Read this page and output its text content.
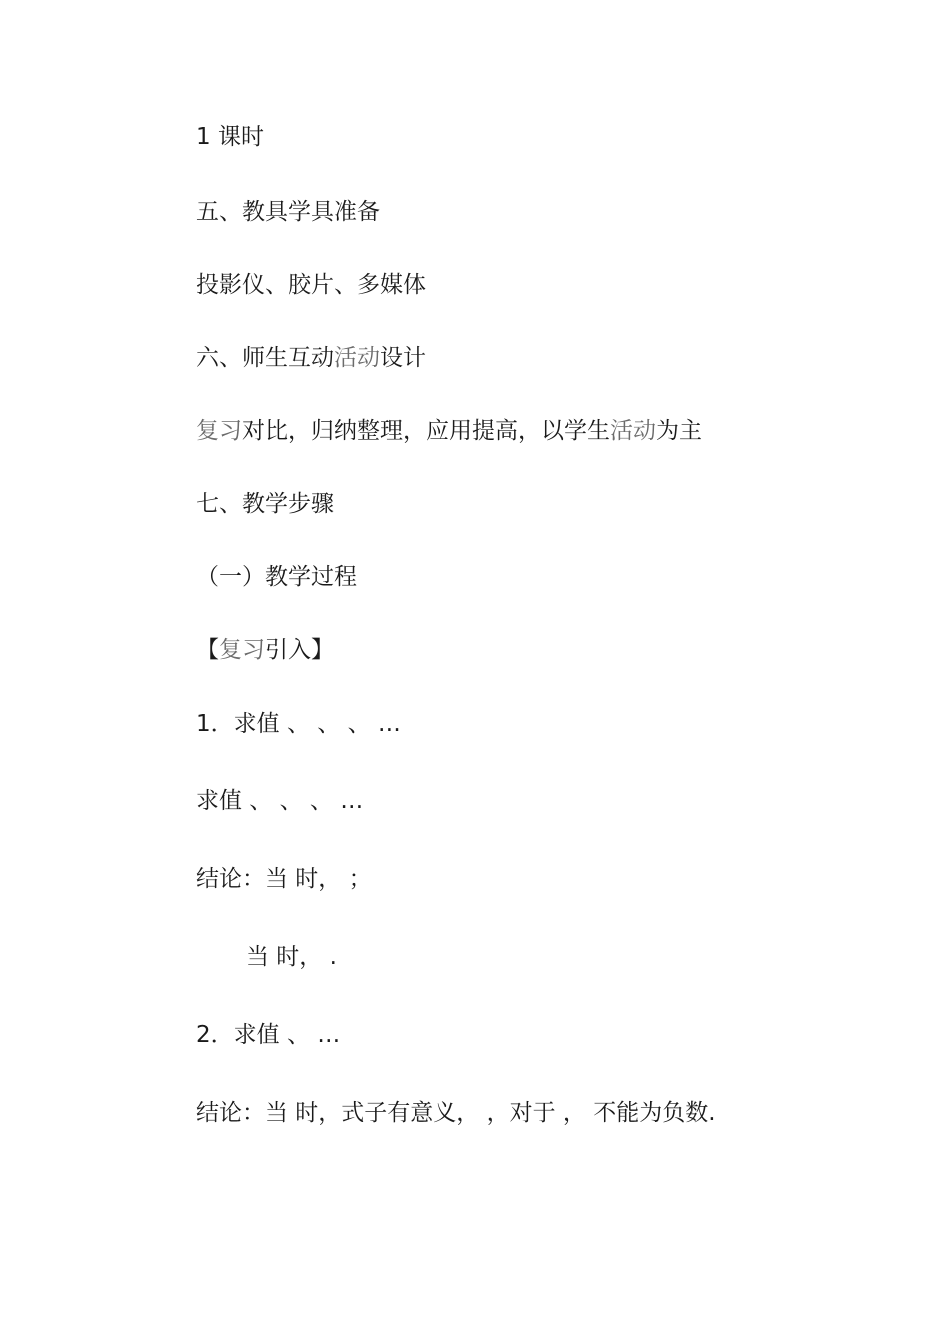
1 课时
五、教具学具准备
投影仪、胶片、多媒体
六、师生互动活动设计
复习对比，归纳整理，应用提高，以学生活动为主
七、教学步骤
（一）教学过程
【复习引入】
1．求值 、 、 、 …
求值 、 、 、 …
结论：当 时， ；
当 时， .
2．求值 、 …
结论：当 时，式子有意义， ，对于 ， 不能为负数.
